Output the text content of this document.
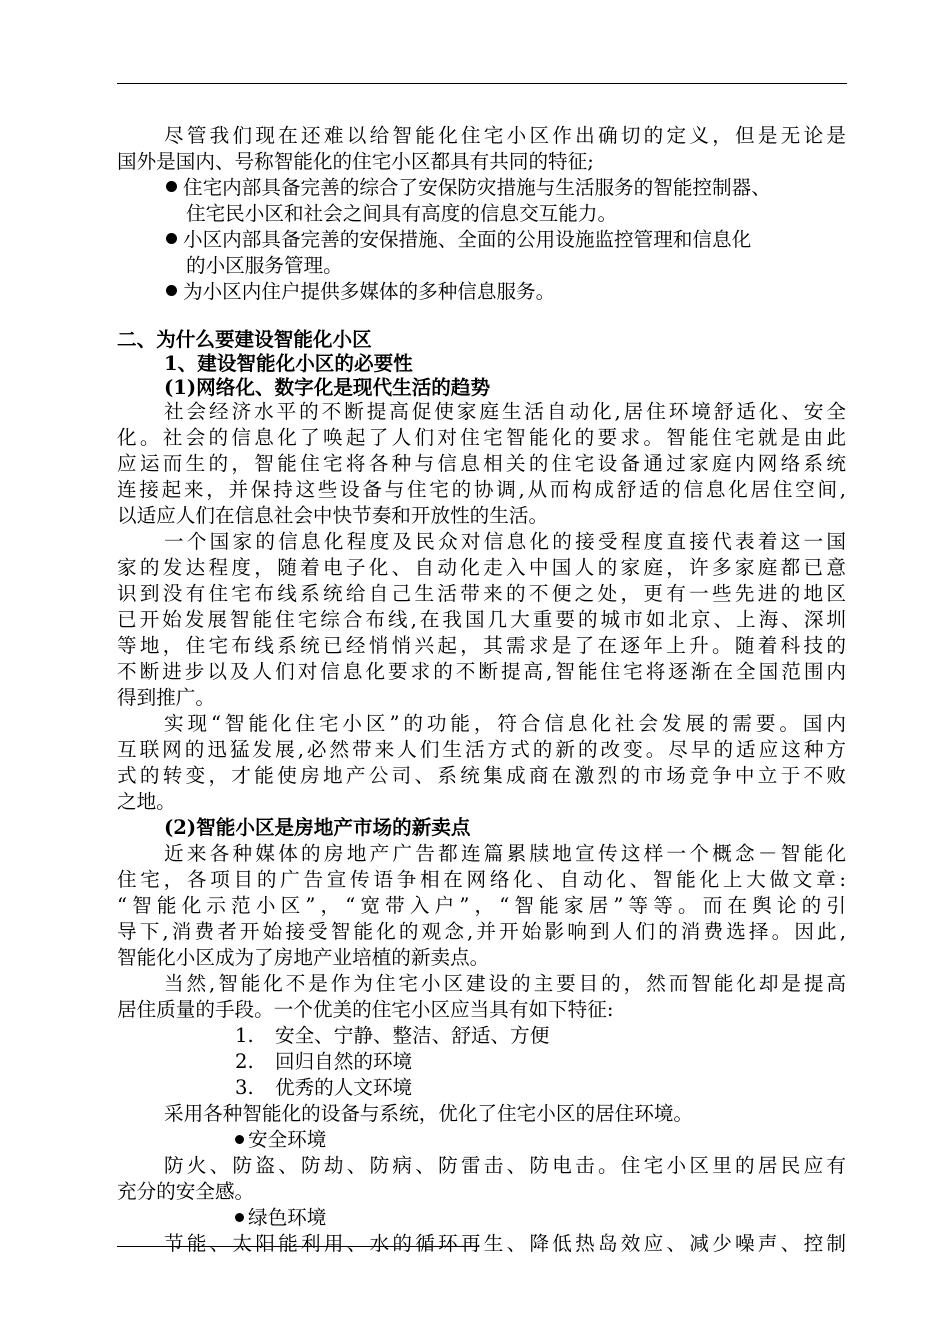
尽管我们现在还难以给智能化住宅小区作出确切的定义，但是无论是
国外是国内、号称智能化的住宅小区都具有共同的特征;
住宅内部具备完善的综合了安保防灾措施与生活服务的智能控制器、
住宅民小区和社会之间具有高度的信息交互能力。
小区内部具备完善的安保措施、全面的公用设施监控管理和信息化
的小区服务管理。
为小区内住户提供多媒体的多种信息服务。
二、为什么要建设智能化小区
1、建设智能化小区的必要性
(1)网络化、数字化是现代生活的趋势
社会经济水平的不断提高促使家庭生活自动化,居住环境舒适化、安全
化。社会的信息化了唤起了人们对住宅智能化的要求。智能住宅就是由此
应运而生的，智能住宅将各种与信息相关的住宅设备通过家庭内网络系统
连接起来，并保持这些设备与住宅的协调,从而构成舒适的信息化居住空间,
以适应人们在信息社会中快节奏和开放性的生活。
一个国家的信息化程度及民众对信息化的接受程度直接代表着这一国
家的发达程度，随着电子化、自动化走入中国人的家庭，许多家庭都已意
识到没有住宅布线系统给自己生活带来的不便之处，更有一些先进的地区
已开始发展智能住宅综合布线,在我国几大重要的城市如北京、上海、深圳
等地，住宅布线系统已经悄悄兴起，其需求是了在逐年上升。随着科技的
不断进步以及人们对信息化要求的不断提高,智能住宅将逐渐在全国范围内
得到推广。
实现“智能化住宅小区”的功能，符合信息化社会发展的需要。国内
互联网的迅猛发展,必然带来人们生活方式的新的改变。尽早的适应这种方
式的转变，才能使房地产公司、系统集成商在激烈的市场竞争中立于不败
之地。
(2)智能小区是房地产市场的新卖点
近来各种媒体的房地产广告都连篇累牍地宣传这样一个概念－智能化
住宅，各项目的广告宣传语争相在网络化、自动化、智能化上大做文章:
“智能化示范小区”，“宽带入户”，“智能家居”等等。而在舆论的引
导下,消费者开始接受智能化的观念,并开始影响到人们的消费选择。因此,
智能化小区成为了房地产业培植的新卖点。
当然,智能化不是作为住宅小区建设的主要目的，然而智能化却是提高
居住质量的手段。一个优美的住宅小区应当具有如下特征:
1. 安全、宁静、整洁、舒适、方便
2. 回归自然的环境
3. 优秀的人文环境
采用各种智能化的设备与系统，优化了住宅小区的居住环境。
安全环境
防火、防盗、防劫、防病、防雷击、防电击。住宅小区里的居民应有
充分的安全感。
绿色环境
节能、太阳能利用、水的循环再生、降低热岛效应、减少噪声、控制
